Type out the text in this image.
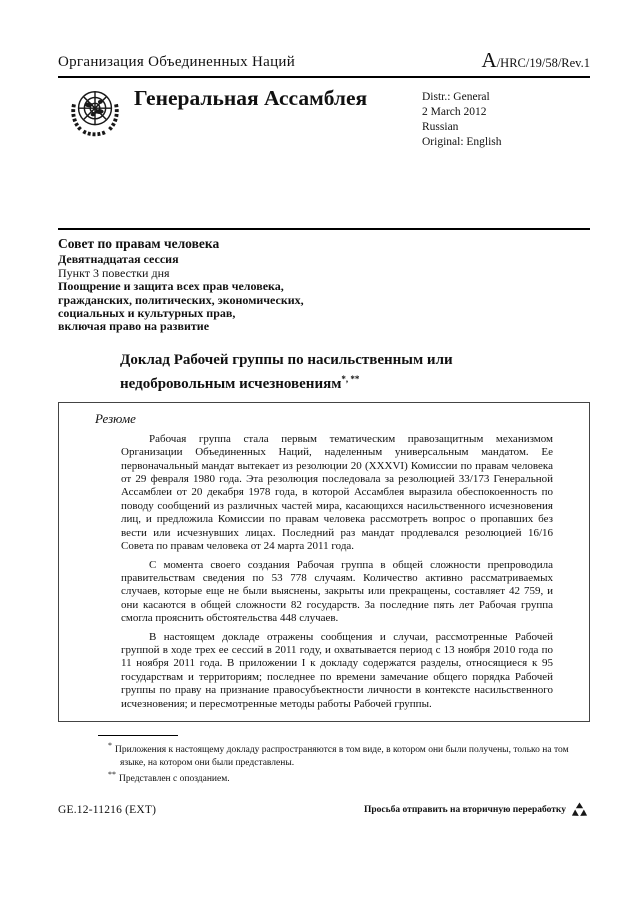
Организация Объединенных Наций	A/HRC/19/58/Rev.1
Генеральная Ассамблея	Distr.: General
2 March 2012
Russian
Original: English
Совет по правам человека
Девятнадцатая сессия
Пункт 3 повестки дня
Поощрение и защита всех прав человека,
гражданских, политических, экономических,
социальных и культурных прав,
включая право на развитие
Доклад Рабочей группы по насильственным или недобровольным исчезновениям*, **
Резюме

Рабочая группа стала первым тематическим правозащитным механизмом Организации Объединенных Наций, наделенным универсальным мандатом. Ее первоначальный мандат вытекает из резолюции 20 (XXXVI) Комиссии по правам человека от 29 февраля 1980 года. Эта резолюция последовала за резолюцией 33/173 Генеральной Ассамблеи от 20 декабря 1978 года, в которой Ассамблея выразила обеспокоенность по поводу сообщений из различных частей мира, касающихся насильственного исчезновения лиц, и предложила Комиссии по правам человека рассмотреть вопрос о пропавших без вести или исчезнувших лицах. Последний раз мандат продлевался резолюцией 16/16 Совета по правам человека от 24 марта 2011 года.

С момента своего создания Рабочая группа в общей сложности препроводила правительствам сведения по 53 778 случаям. Количество активно рассматриваемых случаев, которые еще не были выяснены, закрыты или прекращены, составляет 42 759, и они касаются в общей сложности 82 государств. За последние пять лет Рабочая группа смогла прояснить обстоятельства 448 случаев.

В настоящем докладе отражены сообщения и случаи, рассмотренные Рабочей группой в ходе трех ее сессий в 2011 году, и охватывается период с 13 ноября 2010 года по 11 ноября 2011 года. В приложении I к докладу содержатся разделы, относящиеся к 95 государствам и территориям; последнее по времени замечание общего порядка Рабочей группы по праву на признание правосубъектности личности в контексте насильственного исчезновения; и пересмотренные методы работы Рабочей группы.

* Приложения к настоящему докладу распространяются в том виде, в котором они были получены, только на том языке, на котором они были представлены.
** Представлен с опозданием.
GE.12-11216 (EXT)	Просьба отправить на вторичную переработку
